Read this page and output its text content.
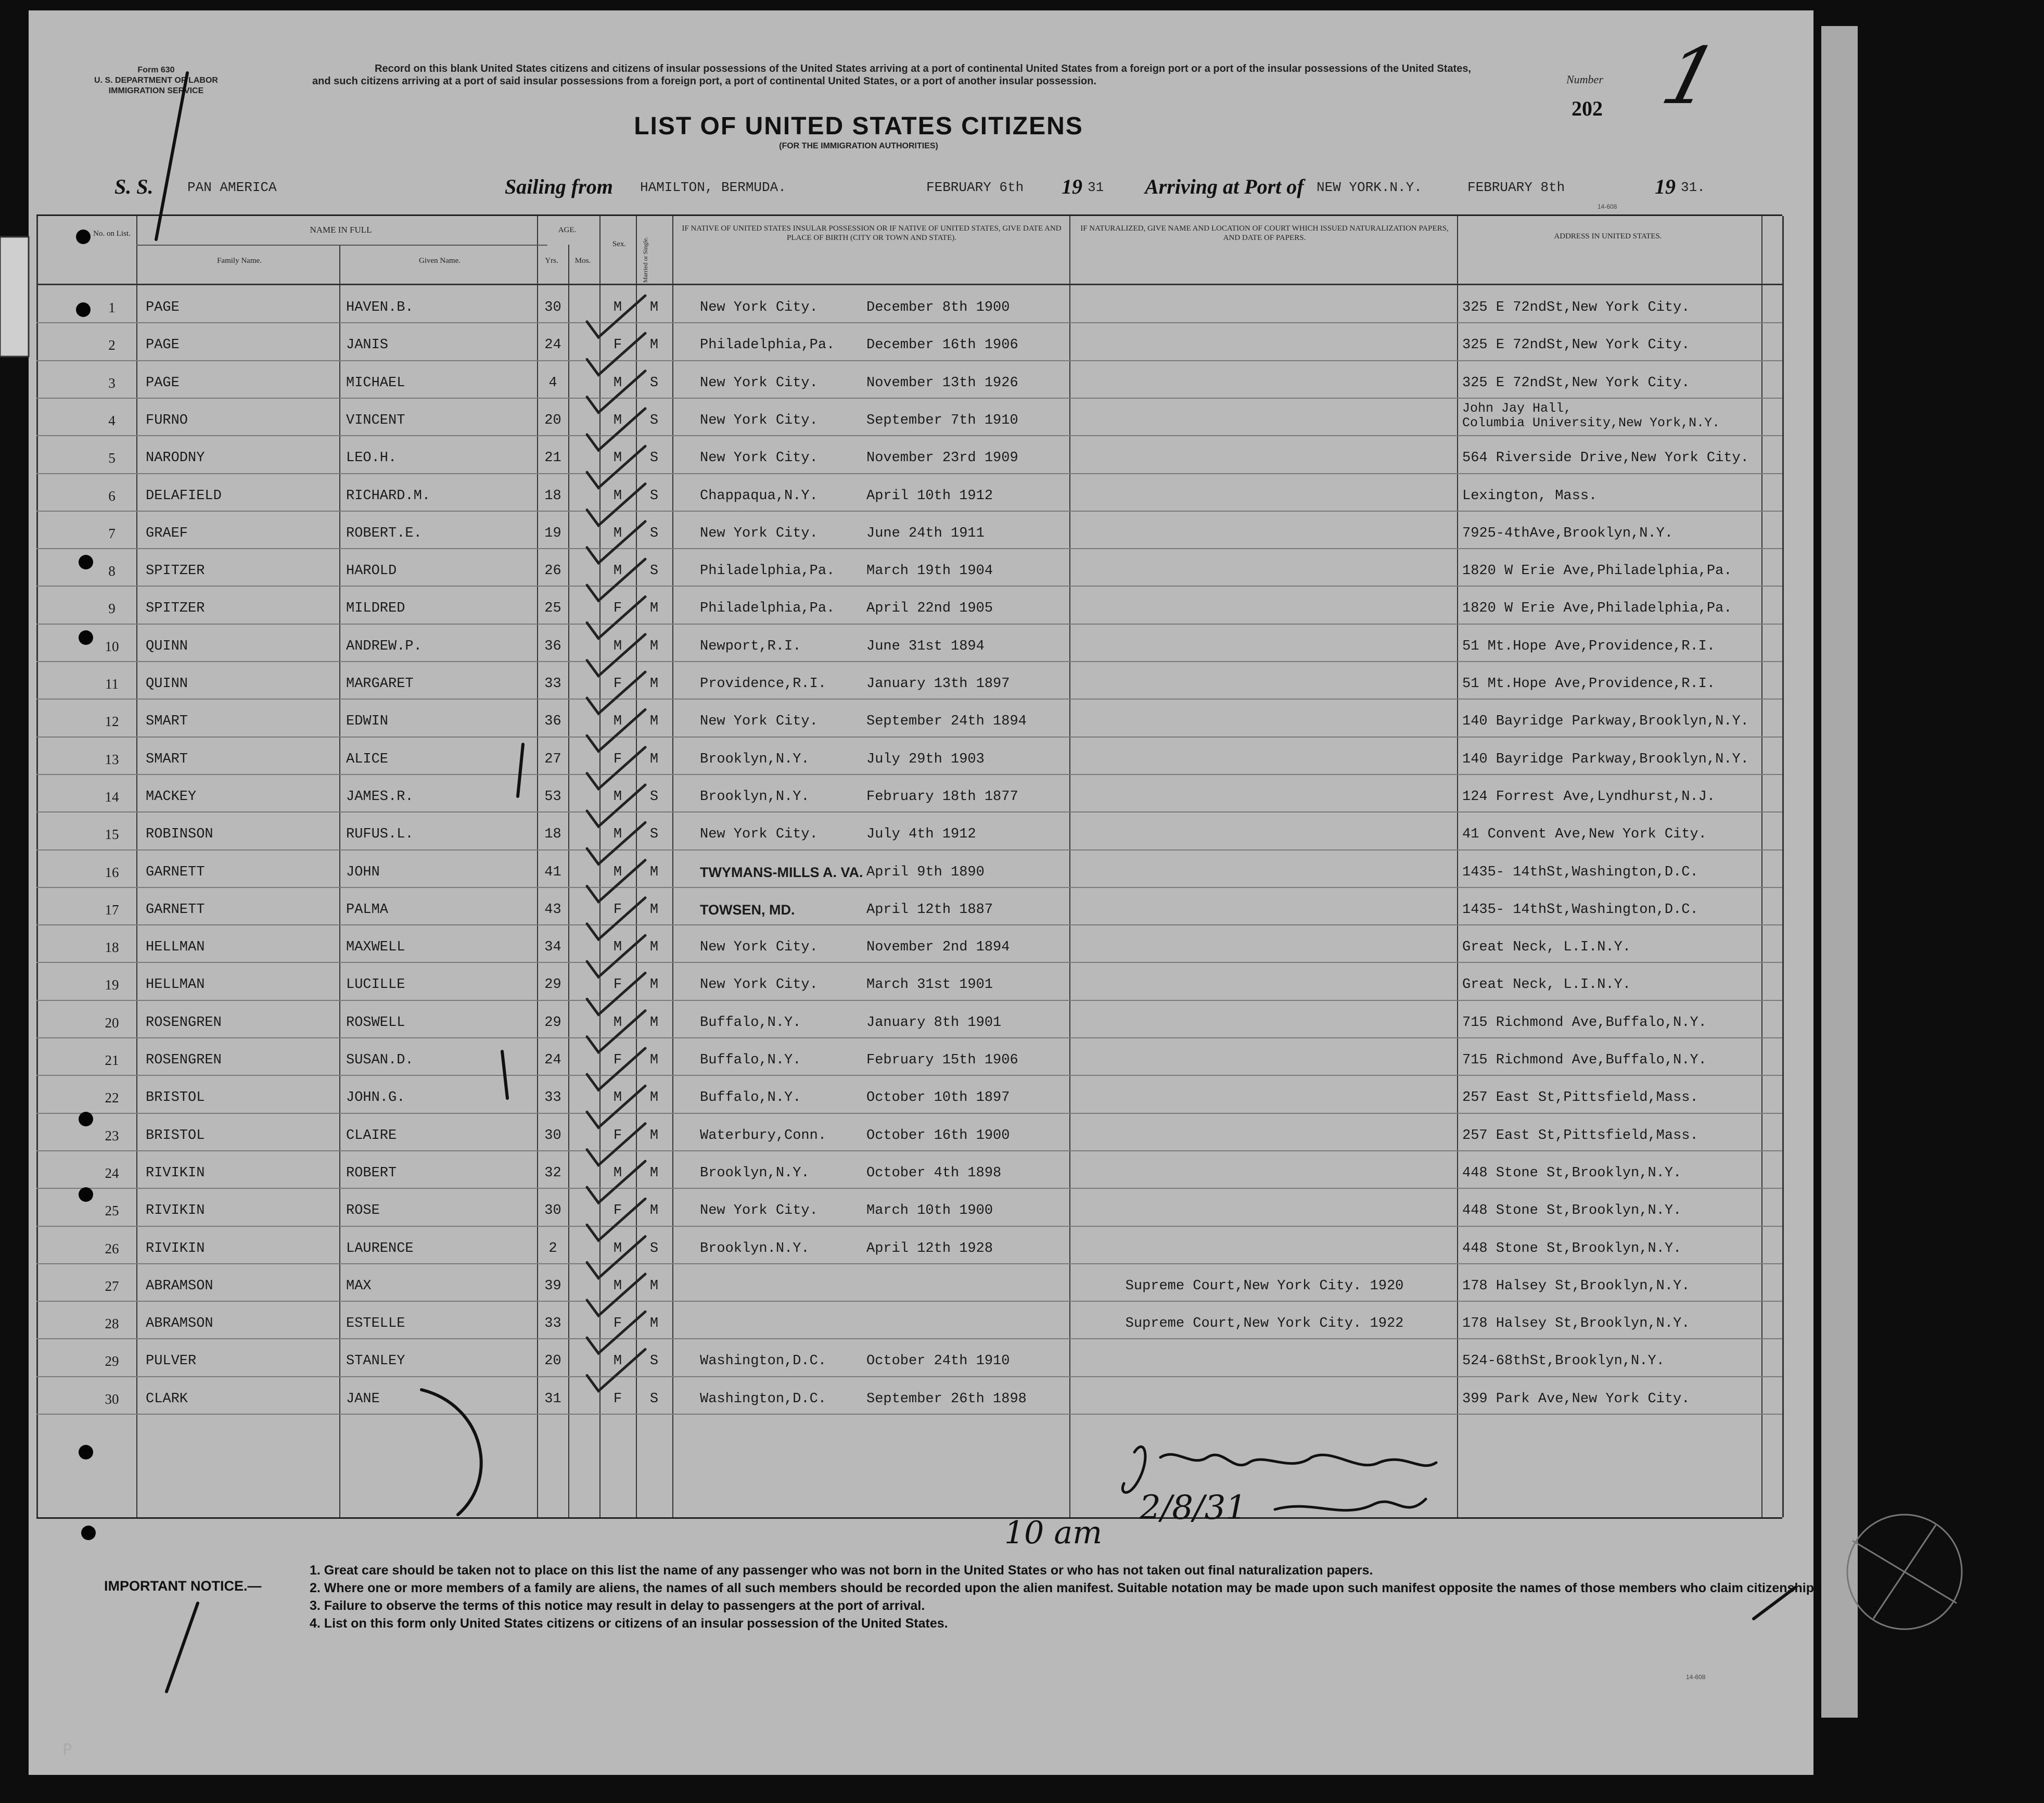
Form 630
U. S. DEPARTMENT OF LABOR
IMMIGRATION SERVICE
Record on this blank United States citizens and citizens of insular possessions of the United States arriving at a port of continental United States from a foreign port or a port of the insular possessions of the United States, and such citizens arriving at a port of said insular possessions from a foreign port, a port of continental United States, or a port of another insular possession.
LIST OF UNITED STATES CITIZENS
(FOR THE IMMIGRATION AUTHORITIES)
Number
202 1
S. S.	PAN AMERICA	Sailing from HAMILTON, BERMUDA.	FEBRUARY 6th 19 31 Arriving at Port of NEW YORK.N.Y.	FEBRUARY 8th	19 31.
14-608
No. on List.	NAME IN FULL
Family Name.	Given Name.
AGE.
Yrs.	Mos.
Sex.	Married or Single.
IF NATIVE OF UNITED STATES INSULAR POSSESSION OR IF NATIVE OF UNITED STATES, GIVE DATE AND PLACE OF BIRTH (CITY OR TOWN AND STATE).
IF NATURALIZED, GIVE NAME AND LOCATION OF COURT WHICH ISSUED NATURALIZATION PAPERS, AND DATE OF PAPERS.	ADDRESS IN UNITED STATES.
1	PAGE	HAVEN.B.	30	M	M	New York City.	December 8th 1900	325 E 72ndSt,New York City.
2	PAGE	JANIS	24	F	M	Philadelphia,Pa.	December 16th 1906	325 E 72ndSt,New York City.
3	PAGE	MICHAEL	4	M	S	New York City.	November 13th 1926	325 E 72ndSt,New York City.
4	FURNO	VINCENT	20	M	S	New York City.	September 7th 1910
John Jay Hall,
Columbia University,New York,N.Y.
5	NARODNY	LEO.H.	21	M	S	New York City.	November 23rd 1909	564 Riverside Drive,New York City.
6	DELAFIELD	RICHARD.M.	18	M	S	Chappaqua,N.Y.	April 10th 1912	Lexington, Mass.
7	GRAEF	ROBERT.E.	19	M	S	New York City.	June 24th 1911	7925-4thAve,Brooklyn,N.Y.
8	SPITZER	HAROLD	26	M	S	Philadelphia,Pa.	March 19th 1904	1820 W Erie Ave,Philadelphia,Pa.
9	SPITZER	MILDRED	25	F	M	Philadelphia,Pa.	April 22nd 1905	1820 W Erie Ave,Philadelphia,Pa.
10	QUINN	ANDREW.P.	36	M	M	Newport,R.I.	June 31st 1894	51 Mt.Hope Ave,Providence,R.I.
11	QUINN	MARGARET	33	F	M	Providence,R.I.	January 13th 1897	51 Mt.Hope Ave,Providence,R.I.
12	SMART	EDWIN	36	M	M	New York City.	September 24th 1894	140 Bayridge Parkway,Brooklyn,N.Y.
13	SMART	ALICE	27	F	M	Brooklyn,N.Y.	July 29th 1903	140 Bayridge Parkway,Brooklyn,N.Y.
14	MACKEY	JAMES.R.	53	M	S	Brooklyn,N.Y.	February 18th 1877	124 Forrest Ave,Lyndhurst,N.J.
15	ROBINSON	RUFUS.L.	18	M	S	New York City.	July 4th 1912	41 Convent Ave,New York City.
16	GARNETT	JOHN	41	M	M	TWYMANS-MILLS A. VA. April 9th 1890	1435- 14thSt,Washington,D.C.
17	GARNETT	PALMA	43	F	M	TOWSEN, MD.	April 12th 1887	1435- 14thSt,Washington,D.C.
18	HELLMAN	MAXWELL	34	M	M	New York City.	November 2nd 1894	Great Neck, L.I.N.Y.
19	HELLMAN	LUCILLE	29	F	M	New York City.	March 31st 1901	Great Neck, L.I.N.Y.
20	ROSENGREN	ROSWELL	29	M	M	Buffalo,N.Y.	January 8th 1901	715 Richmond Ave,Buffalo,N.Y.
21	ROSENGREN	SUSAN.D.	24	F	M	Buffalo,N.Y.	February 15th 1906	715 Richmond Ave,Buffalo,N.Y.
22	BRISTOL	JOHN.G.	33	M	M	Buffalo,N.Y.	October 10th 1897	257 East St,Pittsfield,Mass.
23	BRISTOL	CLAIRE	30	F	M	Waterbury,Conn.	October 16th 1900	257 East St,Pittsfield,Mass.
24	RIVIKIN	ROBERT	32	M	M	Brooklyn,N.Y.	October 4th 1898	448 Stone St,Brooklyn,N.Y.
25	RIVIKIN	ROSE	30	F	M	New York City.	March 10th 1900	448 Stone St,Brooklyn,N.Y.
26	RIVIKIN	LAURENCE	2	M	S	Brooklyn.N.Y.	April 12th 1928	448 Stone St,Brooklyn,N.Y.
27	ABRAMSON	MAX	39	M	M	Supreme Court,New York City. 1920	178 Halsey St,Brooklyn,N.Y.
28	ABRAMSON	ESTELLE	33	F	M	Supreme Court,New York City. 1922	178 Halsey St,Brooklyn,N.Y.
29	PULVER	STANLEY	20	M	S	Washington,D.C.	October 24th 1910	524-68thSt,Brooklyn,N.Y.
30	CLARK	JANE	31	F	S	Washington,D.C.	September 26th 1898	399 Park Ave,New York City.
10 am
2/8/31
P
IMPORTANT NOTICE.—
1. Great care should be taken not to place on this list the name of any passenger who was not born in the United States or who has not taken out final naturalization papers.
2. Where one or more members of a family are aliens, the names of all such members should be recorded upon the alien manifest. Suitable notation may be made upon such manifest opposite the names of those members who claim citizenship.
3. Failure to observe the terms of this notice may result in delay to passengers at the port of arrival.
4. List on this form only United States citizens or citizens of an insular possession of the United States.
14-608
